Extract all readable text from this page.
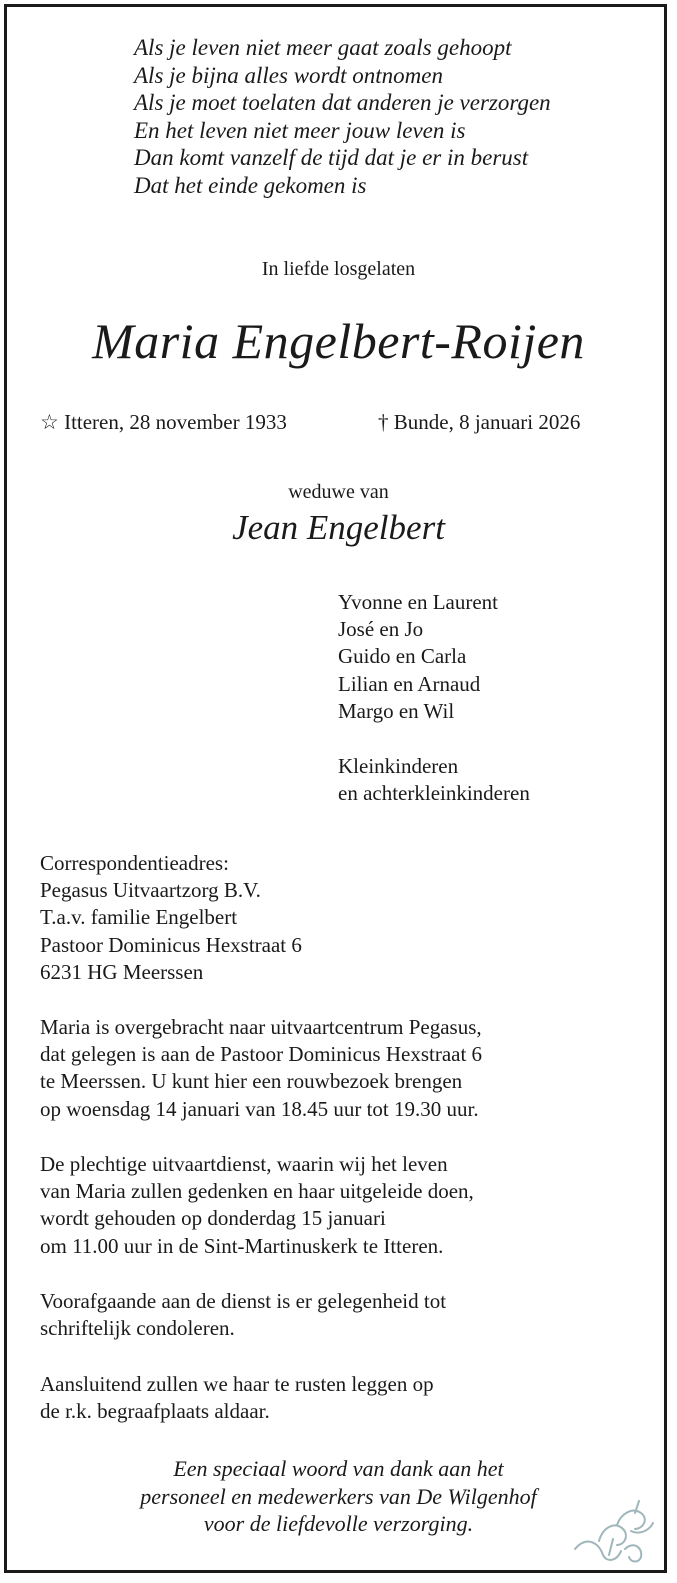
Als je leven niet meer gaat zoals gehoopt
Als je bijna alles wordt ontnomen
Als je moet toelaten dat anderen je verzorgen
En het leven niet meer jouw leven is
Dan komt vanzelf de tijd dat je er in berust
Dat het einde gekomen is
In liefde losgelaten
Maria Engelbert-Roijen
☆ Itteren, 28 november 1933	† Bunde, 8 januari 2026
weduwe van
Jean Engelbert
Yvonne en Laurent
José en Jo
Guido en Carla
Lilian en Arnaud
Margo en Wil
Kleinkinderen
en achterkleinkinderen
Correspondentieadres:
Pegasus Uitvaartzorg B.V.
T.a.v. familie Engelbert
Pastoor Dominicus Hexstraat 6
6231 HG Meerssen
Maria is overgebracht naar uitvaartcentrum Pegasus,
dat gelegen is aan de Pastoor Dominicus Hexstraat 6
te Meerssen. U kunt hier een rouwbezoek brengen
op woensdag 14 januari van 18.45 uur tot 19.30 uur.
De plechtige uitvaartdienst, waarin wij het leven
van Maria zullen gedenken en haar uitgeleide doen,
wordt gehouden op donderdag 15 januari
om 11.00 uur in de Sint-Martinuskerk te Itteren.
Voorafgaande aan de dienst is er gelegenheid tot
schriftelijk condoleren.
Aansluitend zullen we haar te rusten leggen op
de r.k. begraafplaats aldaar.
Een speciaal woord van dank aan het
personeel en medewerkers van De Wilgenhof
voor de liefdevolle verzorging.
